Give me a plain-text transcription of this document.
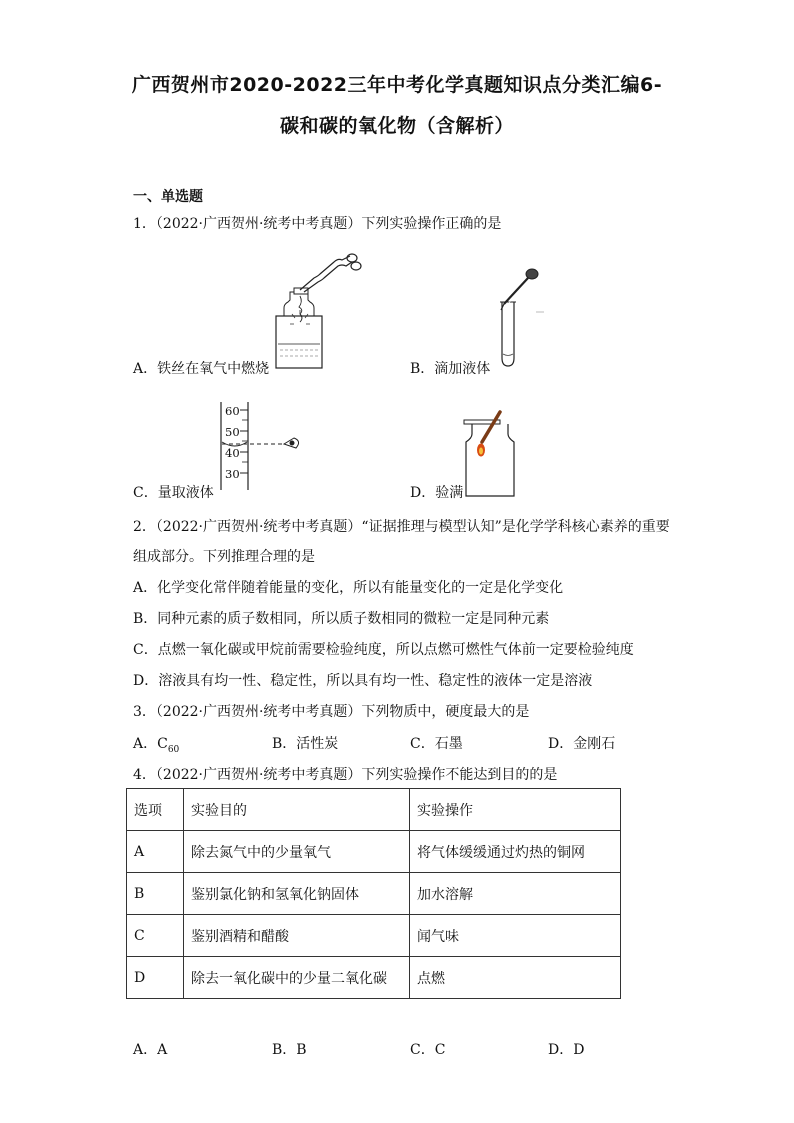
广西贺州市2020-2022三年中考化学真题知识点分类汇编6-
碳和碳的氧化物（含解析）
一、单选题
1．（2022·广西贺州·统考中考真题）下列实验操作正确的是
A．铁丝在氧气中燃烧	B．滴加液体
60
50
40
30
C．量取液体	D．验满
2．（2022·广西贺州·统考中考真题）“证据推理与模型认知”是化学学科核心素养的重要
组成部分。下列推理合理的是
A．化学变化常伴随着能量的变化，所以有能量变化的一定是化学变化
B．同种元素的质子数相同，所以质子数相同的微粒一定是同种元素
C．点燃一氧化碳或甲烷前需要检验纯度，所以点燃可燃性气体前一定要检验纯度
D．溶液具有均一性、稳定性，所以具有均一性、稳定性的液体一定是溶液
3．（2022·广西贺州·统考中考真题）下列物质中，硬度最大的是
A．$C_{60}$	B．活性炭	C．石墨	D．金刚石
4．（2022·广西贺州·统考中考真题）下列实验操作不能达到目的的是
选项	实验目的	实验操作
A	除去氮气中的少量氧气	将气体缓缓通过灼热的铜网
B	鉴别氯化钠和氢氧化钠固体	加水溶解
C	鉴别酒精和醋酸	闻气味
D	除去一氧化碳中的少量二氧化碳	点燃
A．A	B．B	C．C	D．D
